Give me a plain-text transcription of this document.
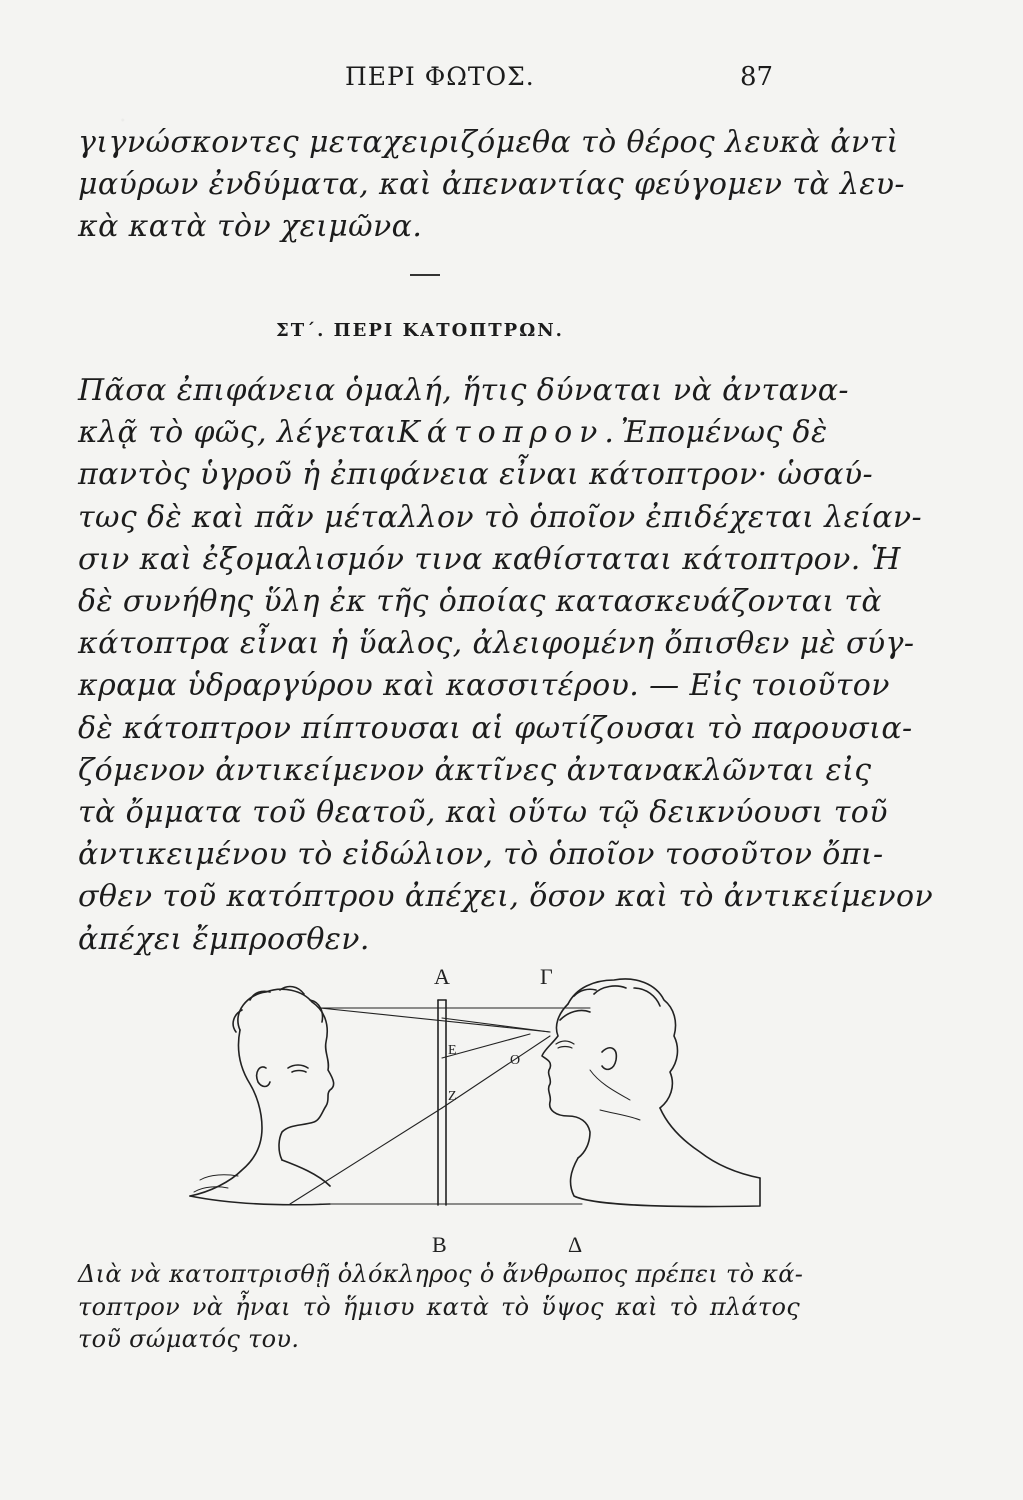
ΠΕΡΙ ΦΩΤΟΣ.	87
γιγνώσκοντες μεταχειριζόμεθα τὸ θέρος λευκὰ ἀντὶ
μαύρων ἐνδύματα, καὶ ἀπεναντίας φεύγομεν τὰ λευ-
κὰ κατὰ τὸν χειμῶνα.
ΣΤ΄. ΠΕΡΙ ΚΑΤΟΠΤΡΩΝ.
Πᾶσα ἐπιφάνεια ὁμαλή, ἥτις δύναται νὰ ἀντανα-
κλᾷ τὸ φῶς, λέγεται Κάτοπρον. Ἐπομένως δὲ
παντὸς ὑγροῦ ἡ ἐπιφάνεια εἶναι κάτοπτρον· ὡσαύ-
τως δὲ καὶ πᾶν μέταλλον τὸ ὁποῖον ἐπιδέχεται λείαν-
σιν καὶ ἐξομαλισμόν τινα καθίσταται κάτοπτρον. Ἡ
δὲ συνήθης ὕλη ἐκ τῆς ὁποίας κατασκευάζονται τὰ
κάτοπτρα εἶναι ἡ ὕαλος, ἀλειφομένη ὄπισθεν μὲ σύγ-
κραμα ὑδραργύρου καὶ κασσιτέρου. — Εἰς τοιοῦτον
δὲ κάτοπτρον πίπτουσαι αἱ φωτίζουσαι τὸ παρουσια-
ζόμενον ἀντικείμενον ἀκτῖνες ἀντανακλῶνται εἰς
τὰ ὄμματα τοῦ θεατοῦ, καὶ οὕτω τῷ δεικνύουσι τοῦ
ἀντικειμένου τὸ εἰδώλιον, τὸ ὁποῖον τοσοῦτον ὄπι-
σθεν τοῦ κατόπτρου ἀπέχει, ὅσον καὶ τὸ ἀντικείμενον
ἀπέχει ἔμπροσθεν.
Α	Γ
Ε
Ζ
Ο
Β	Δ
Διὰ νὰ κατοπτρισθῇ ὁλόκληρος ὁ ἄνθρωπος πρέπει τὸ κά-
τοπτρον νὰ ἦναι τὸ ἥμισυ κατὰ τὸ ὕψος καὶ τὸ πλάτος
τοῦ σώματός του.
